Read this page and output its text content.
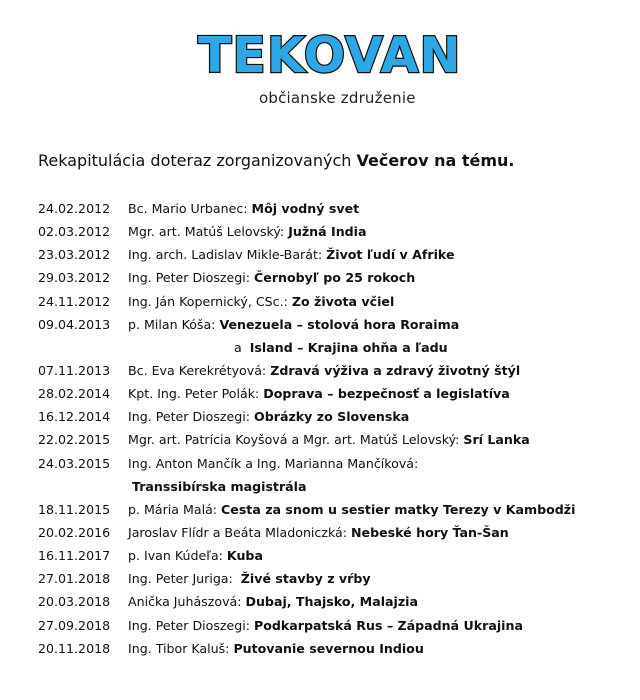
TEKOVAN
občianske združenie
Rekapitulácia doteraz zorganizovaných Večerov na tému.
24.02.2012	Bc. Mario Urbanec: Môj vodný svet
02.03.2012	Mgr. art. Matúš Lelovský: Južná India
23.03.2012	Ing. arch. Ladislav Mikle-Barát: Život ľudí v Afrike
29.03.2012	Ing. Peter Dioszegi: Černobyľ po 25 rokoch
24.11.2012	Ing. Ján Kopernický, CSc.: Zo života včiel
09.04.2013	p. Milan Kóša: Venezuela – stolová hora Roraima
a  Island – Krajina ohňa a ľadu
07.11.2013	Bc. Eva Kerekrétyová: Zdravá výživa a zdravý životný štýl
28.02.2014	Kpt. Ing. Peter Polák: Doprava – bezpečnosť a legislatíva
16.12.2014	Ing. Peter Dioszegi: Obrázky zo Slovenska
22.02.2015	Mgr. art. Patrícia Koyšová a Mgr. art. Matúš Lelovský: Srí Lanka
24.03.2015	Ing. Anton Mančík a Ing. Marianna Mančíková:
Transsibírska magistrála
18.11.2015	p. Mária Malá: Cesta za snom u sestier matky Terezy v Kambodži
20.02.2016	Jaroslav Flídr a Beáta Mladoniczká: Nebeské hory Ťan-Šan
16.11.2017	p. Ivan Kúdeľa: Kuba
27.01.2018	Ing. Peter Juriga:  Živé stavby z vŕby
20.03.2018	Anička Juhászová: Dubaj, Thajsko, Malajzia
27.09.2018	Ing. Peter Dioszegi: Podkarpatská Rus – Západná Ukrajina
20.11.2018	Ing. Tibor Kaluš: Putovanie severnou Indiou
